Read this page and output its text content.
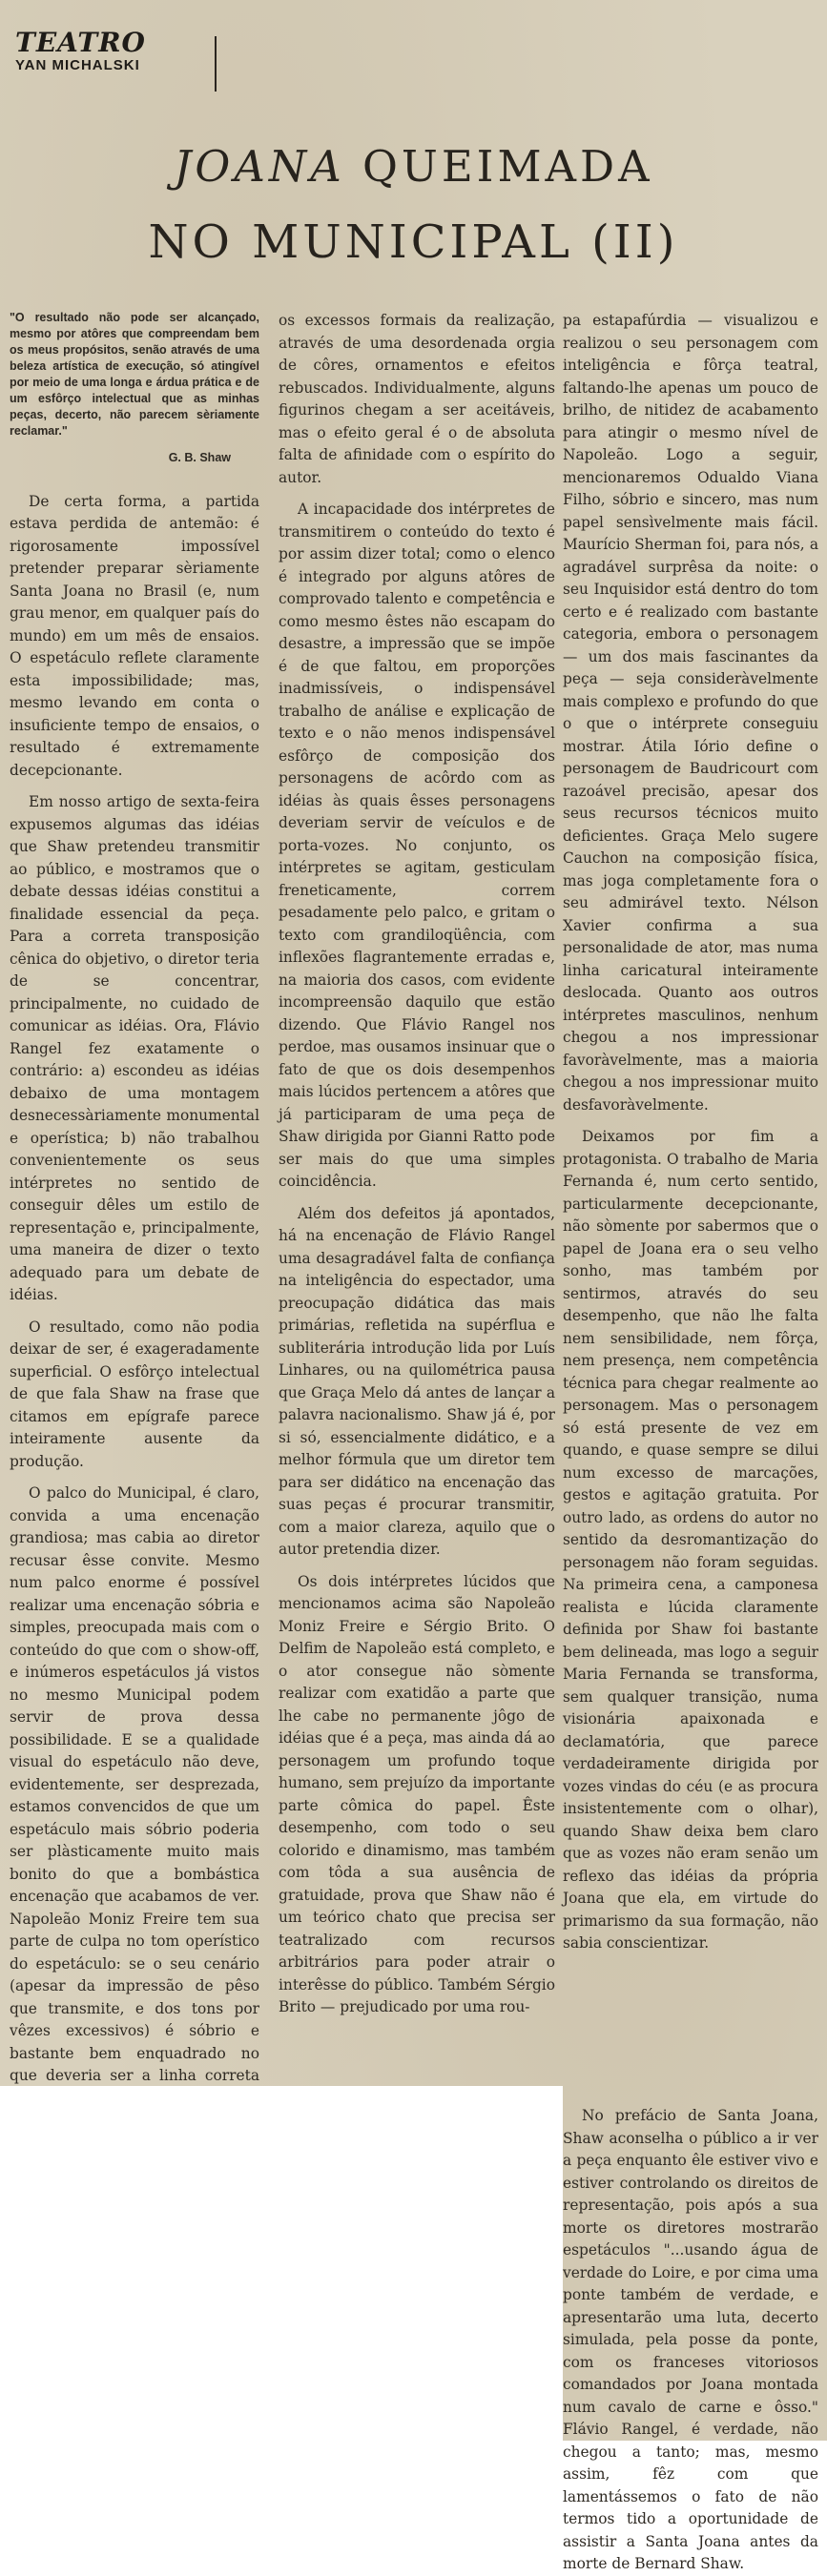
TEATRO
YAN MICHALSKI
JOANA QUEIMADA
NO MUNICIPAL (II)
"O resultado não pode ser alcançado, mesmo por atôres que compreendam bem os meus propósitos, senão através de uma beleza artística de execução, só atingível por meio de uma longa e árdua prática e de um esfôrço intelectual que as minhas peças, decerto, não parecem sèriamente reclamar."
G. B. Shaw

De certa forma, a partida estava perdida de antemão: é rigorosamente impossível pretender preparar sèriamente Santa Joana no Brasil (e, num grau menor, em qualquer país do mundo) em um mês de ensaios. O espetáculo reflete claramente esta impossibilidade; mas, mesmo levando em conta o insuficiente tempo de ensaios, o resultado é extremamente decepcionante.

Em nosso artigo de sexta-feira expusemos algumas das idéias que Shaw pretendeu transmitir ao público, e mostramos que o debate dessas idéias constitui a finalidade essencial da peça. Para a correta transposição cênica do objetivo, o diretor teria de se concentrar, principalmente, no cuidado de comunicar as idéias. Ora, Flávio Rangel fez exatamente o contrário: a) escondeu as idéias debaixo de uma montagem desnecessàriamente monumental e operística; b) não trabalhou convenientemente os seus intérpretes no sentido de conseguir dêles um estilo de representação e, principalmente, uma maneira de dizer o texto adequado para um debate de idéias.

O resultado, como não podia deixar de ser, é exageradamente superficial. O esfôrço intelectual de que fala Shaw na frase que citamos em epígrafe parece inteiramente ausente da produção.

O palco do Municipal, é claro, convida a uma encenação grandiosa; mas cabia ao diretor recusar êsse convite. Mesmo num palco enorme é possível realizar uma encenação sóbria e simples, preocupada mais com o conteúdo do que com o show-off, e inúmeros espetáculos já vistos no mesmo Municipal podem servir de prova dessa possibilidade. E se a qualidade visual do espetáculo não deve, evidentemente, ser desprezada, estamos convencidos de que um espetáculo mais sóbrio poderia ser plàsticamente muito mais bonito do que a bombástica encenação que acabamos de ver. Napoleão Moniz Freire tem sua parte de culpa no tom operístico do espetáculo: se o seu cenário (apesar da impressão de pêso que transmite, e dos tons por vêzes excessivos) é sóbrio e bastante bem enquadrado no que deveria ser a linha correta

os excessos formais da realização, através de uma desordenada orgia de côres, ornamentos e efeitos rebuscados. Individualmente, alguns figurinos chegam a ser aceitáveis, mas o efeito geral é o de absoluta falta de afinidade com o espírito do autor.

A incapacidade dos intérpretes de transmitirem o conteúdo do texto é por assim dizer total; como o elenco é integrado por alguns atôres de comprovado talento e competência e como mesmo êstes não escapam do desastre, a impressão que se impõe é de que faltou, em proporções inadmissíveis, o indispensável trabalho de análise e explicação de texto e o não menos indispensável esfôrço de composição dos personagens de acôrdo com as idéias às quais êsses personagens deveriam servir de veículos e de porta-vozes. No conjunto, os intérpretes se agitam, gesticulam freneticamente, correm pesadamente pelo palco, e gritam o texto com grandiloqüência, com inflexões flagrantemente erradas e, na maioria dos casos, com evidente incompreensão daquilo que estão dizendo. Que Flávio Rangel nos perdoe, mas ousamos insinuar que o fato de que os dois desempenhos mais lúcidos pertencem a atôres que já participaram de uma peça de Shaw dirigida por Gianni Ratto pode ser mais do que uma simples coincidência.

Além dos defeitos já apontados, há na encenação de Flávio Rangel uma desagradável falta de confiança na inteligência do espectador, uma preocupação didática das mais primárias, refletida na supérflua e subliterária introdução lida por Luís Linhares, ou na quilométrica pausa que Graça Melo dá antes de lançar a palavra nacionalismo. Shaw já é, por si só, essencialmente didático, e a melhor fórmula que um diretor tem para ser didático na encenação das suas peças é procurar transmitir, com a maior clareza, aquilo que o autor pretendia dizer.

Os dois intérpretes lúcidos que mencionamos acima são Napoleão Moniz Freire e Sérgio Brito. O Delfim de Napoleão está completo, e o ator consegue não sòmente realizar com exatidão a parte que lhe cabe no permanente jôgo de idéias que é a peça, mas ainda dá ao personagem um profundo toque humano, sem prejuízo da importante parte cômica do papel. Êste desempenho, com todo o seu colorido e dinamismo, mas também com tôda a sua ausência de gratuidade, prova que Shaw não é um teórico chato que precisa ser teatralizado com recursos arbitrários para poder atrair o interêsse do público. Também Sérgio Brito — prejudicado por uma rou-

pa estapafúrdia — visualizou e realizou o seu personagem com inteligência e fôrça teatral, faltando-lhe apenas um pouco de brilho, de nitidez de acabamento para atingir o mesmo nível de Napoleão. Logo a seguir, mencionaremos Odualdo Viana Filho, sóbrio e sincero, mas num papel sensìvelmente mais fácil. Maurício Sherman foi, para nós, a agradável surprêsa da noite: o seu Inquisidor está dentro do tom certo e é realizado com bastante categoria, embora o personagem — um dos mais fascinantes da peça — seja consideràvelmente mais complexo e profundo do que o que o intérprete conseguiu mostrar. Átila Iório define o personagem de Baudricourt com razoável precisão, apesar dos seus recursos técnicos muito deficientes. Graça Melo sugere Cauchon na composição física, mas joga completamente fora o seu admirável texto. Nélson Xavier confirma a sua personalidade de ator, mas numa linha caricatural inteiramente deslocada. Quanto aos outros intérpretes masculinos, nenhum chegou a nos impressionar favoràvelmente, mas a maioria chegou a nos impressionar muito desfavoràvelmente.

Deixamos por fim a protagonista. O trabalho de Maria Fernanda é, num certo sentido, particularmente decepcionante, não sòmente por sabermos que o papel de Joana era o seu velho sonho, mas também por sentirmos, através do seu desempenho, que não lhe falta nem sensibilidade, nem fôrça, nem presença, nem competência técnica para chegar realmente ao personagem. Mas o personagem só está presente de vez em quando, e quase sempre se dilui num excesso de marcações, gestos e agitação gratuita. Por outro lado, as ordens do autor no sentido da desromantização do personagem não foram seguidas. Na primeira cena, a camponesa realista e lúcida claramente definida por Shaw foi bastante bem delineada, mas logo a seguir Maria Fernanda se transforma, sem qualquer transição, numa visionária apaixonada e declamatória, que parece verdadeiramente dirigida por vozes vindas do céu (e as procura insistentemente com o olhar), quando Shaw deixa bem claro que as vozes não eram senão um reflexo das idéias da própria Joana que ela, em virtude do primarismo da sua formação, não sabia conscientizar.

No prefácio de Santa Joana, Shaw aconselha o público a ir ver a peça enquanto êle estiver vivo e estiver controlando os direitos de representação, pois após a sua morte os diretores mostrarão espetáculos "...usando água de verdade do Loire, e por cima uma ponte também de verdade, e apresentarão uma luta, decerto simulada, pela posse da ponte, com os franceses vitoriosos comandados por Joana montada num cavalo de carne e ôsso." Flávio Rangel, é verdade, não chegou a tanto; mas, mesmo assim, fêz com que lamentássemos o fato de não termos tido a oportunidade de assistir a Santa Joana antes da morte de Bernard Shaw.
